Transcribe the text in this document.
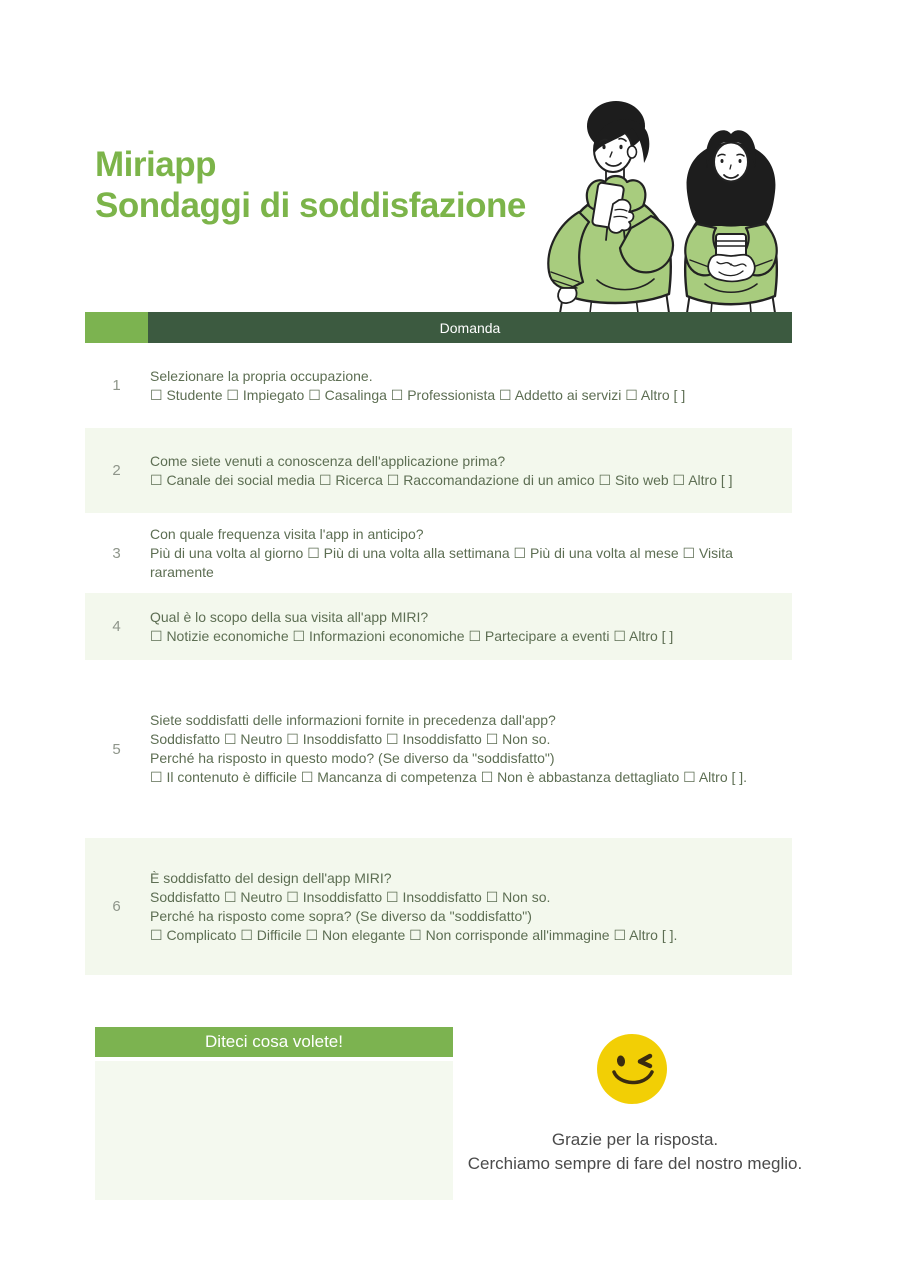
Miriapp
Sondaggi di soddisfazione
Domanda
1
Selezionare la propria occupazione.
☐ Studente ☐ Impiegato ☐ Casalinga ☐ Professionista ☐ Addetto ai servizi ☐ Altro [ ]
2
Come siete venuti a conoscenza dell'applicazione prima?
☐ Canale dei social media ☐ Ricerca ☐ Raccomandazione di un amico ☐ Sito web ☐ Altro [ ]
3
Con quale frequenza visita l'app in anticipo?
Più di una volta al giorno ☐ Più di una volta alla settimana ☐ Più di una volta al mese ☐ Visita raramente
4
Qual è lo scopo della sua visita all'app MIRI?
☐ Notizie economiche ☐ Informazioni economiche ☐ Partecipare a eventi ☐ Altro [ ]
5
Siete soddisfatti delle informazioni fornite in precedenza dall'app?
Soddisfatto ☐ Neutro ☐ Insoddisfatto ☐ Insoddisfatto ☐ Non so.
Perché ha risposto in questo modo? (Se diverso da "soddisfatto")
☐ Il contenuto è difficile ☐ Mancanza di competenza ☐ Non è abbastanza dettagliato ☐ Altro [ ].
6
È soddisfatto del design dell'app MIRI?
Soddisfatto ☐ Neutro ☐ Insoddisfatto ☐ Insoddisfatto ☐ Non so.
Perché ha risposto come sopra? (Se diverso da "soddisfatto")
☐ Complicato ☐ Difficile ☐ Non elegante ☐ Non corrisponde all'immagine ☐ Altro [ ].
Diteci cosa volete!
Grazie per la risposta.
Cerchiamo sempre di fare del nostro meglio.
